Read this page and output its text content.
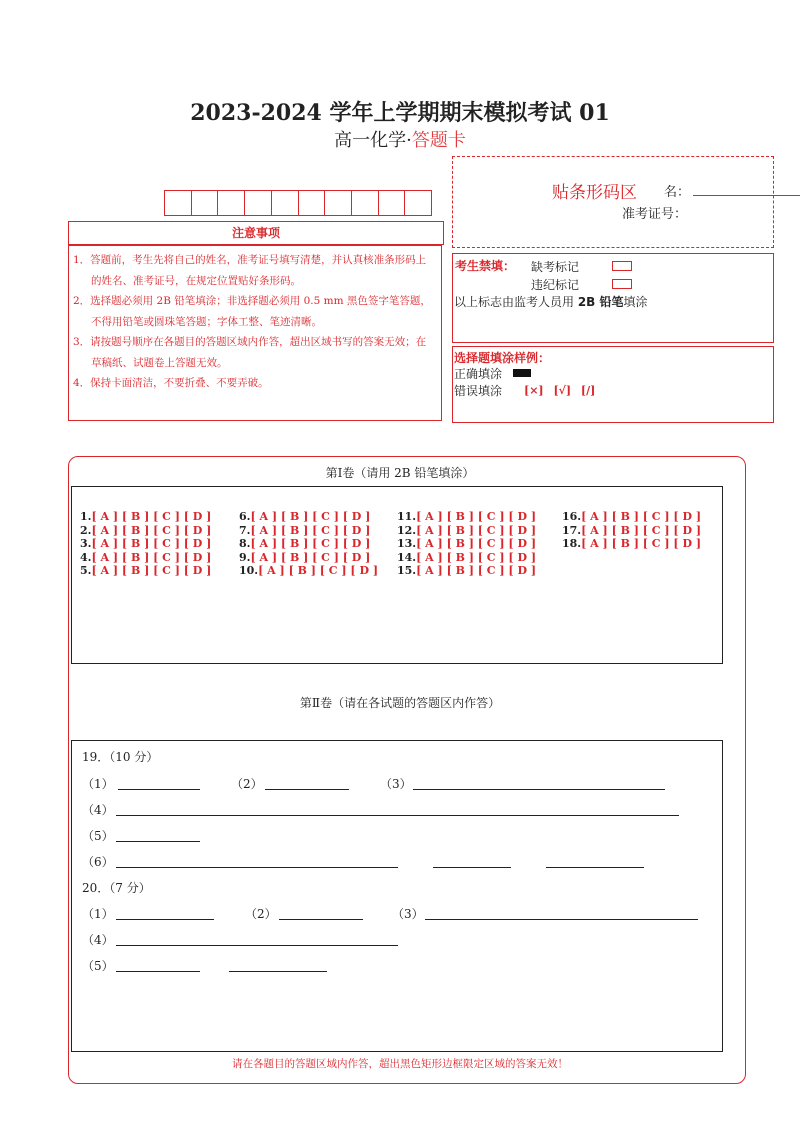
2023-2024 学年上学期期末模拟考试 01
高一化学·答题卡
贴条形码区 名：
准考证号：
注意事项
1．答题前，考生先将自己的姓名，准考证号填写清楚，并认真核准条形码上的姓名、准考证号，在规定位置贴好条形码。
2．选择题必须用 2B 铅笔填涂；非选择题必须用 0.5 mm 黑色签字笔答题，不得用铅笔或圆珠笔答题；字体工整、笔迹清晰。
3．请按题号顺序在各题目的答题区域内作答，超出区域书写的答案无效；在草稿纸、试题卷上答题无效。
4．保持卡面清洁，不要折叠、不要弄破。
考生禁填： 缺考标记
违纪标记
以上标志由监考人员用 2B 铅笔填涂
选择题填涂样例：
正确填涂
错误填涂 [×] [√] [/]
第Ⅰ卷（请用 2B 铅笔填涂）
1.[ A ] [ B ] [ C ] [ D ]
2.[ A ] [ B ] [ C ] [ D ]
3.[ A ] [ B ] [ C ] [ D ]
4.[ A ] [ B ] [ C ] [ D ]
5.[ A ] [ B ] [ C ] [ D ]
6.[ A ] [ B ] [ C ] [ D ]
7.[ A ] [ B ] [ C ] [ D ]
8.[ A ] [ B ] [ C ] [ D ]
9.[ A ] [ B ] [ C ] [ D ]
10.[ A ] [ B ] [ C ] [ D ]
11.[ A ] [ B ] [ C ] [ D ]
12.[ A ] [ B ] [ C ] [ D ]
13.[ A ] [ B ] [ C ] [ D ]
14.[ A ] [ B ] [ C ] [ D ]
15.[ A ] [ B ] [ C ] [ D ]
16.[ A ] [ B ] [ C ] [ D ]
17.[ A ] [ B ] [ C ] [ D ]
18.[ A ] [ B ] [ C ] [ D ]
第Ⅱ卷（请在各试题的答题区内作答）
19．（10 分）
（1）	（2）	（3）
（4）
（5）
（6）
20．（7 分）
（1）	（2）	（3）
（4）
（5）
请在各题目的答题区域内作答，超出黑色矩形边框限定区域的答案无效！
